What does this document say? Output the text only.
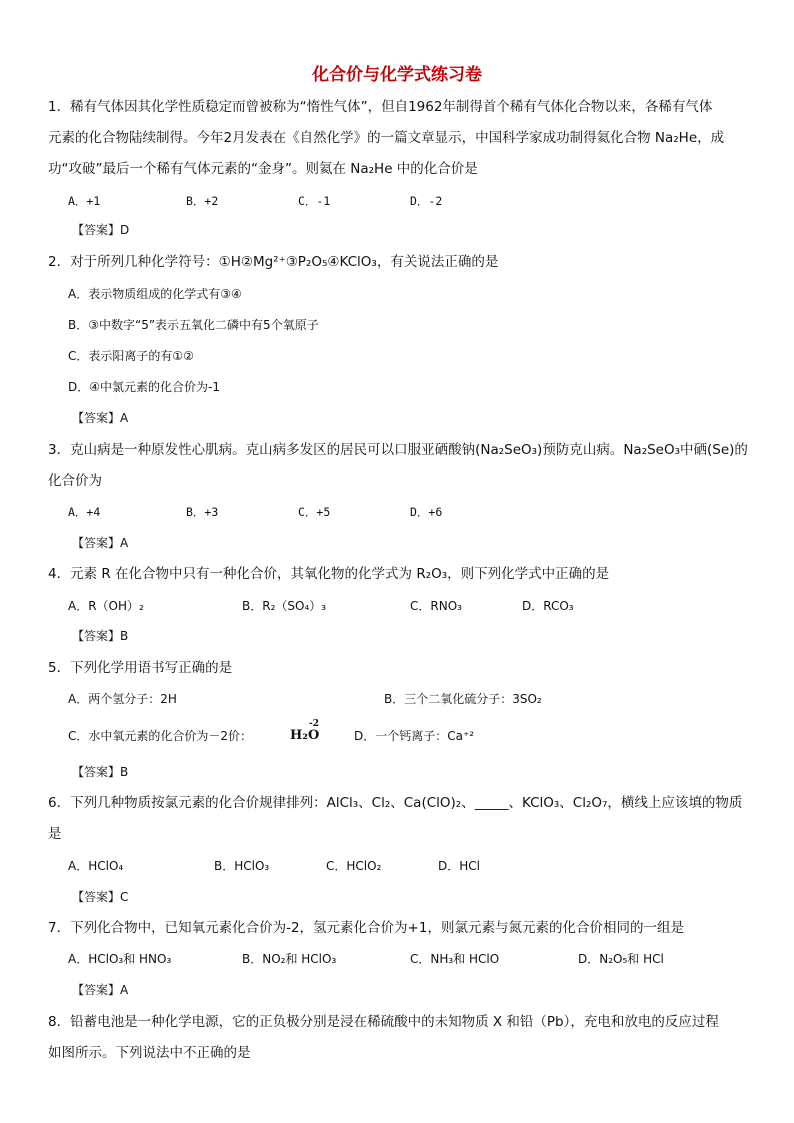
化合价与化学式练习卷
1．稀有气体因其化学性质稳定而曾被称为“惰性气体”，但自1962年制得首个稀有气体化合物以来，各稀有气体
元素的化合物陆续制得。今年2月发表在《自然化学》的一篇文章显示，中国科学家成功制得氦化合物 Na₂He，成
功“攻破”最后一个稀有气体元素的“金身”。则氦在 Na₂He 中的化合价是
A．+1	B．+2	C．-1	D．-2
【答案】D
2．对于所列几种化学符号：①H②Mg²⁺③P₂O₅④KClO₃，有关说法正确的是
A．表示物质组成的化学式有③④
B．③中数字“5”表示五氧化二磷中有5个氧原子
C．表示阳离子的有①②
D．④中氯元素的化合价为-1
【答案】A
3．克山病是一种原发性心肌病。克山病多发区的居民可以口服亚硒酸钠(Na₂SeO₃)预防克山病。Na₂SeO₃中硒(Se)的
化合价为
A．+4	B．+3	C．+5	D．+6
【答案】A
4．元素 R 在化合物中只有一种化合价，其氧化物的化学式为 R₂O₃，则下列化学式中正确的是
A．R（OH）₂	B．R₂（SO₄）₃	C．RNO₃	D．RCO₃
【答案】B
5．下列化学用语书写正确的是
A．两个氢分子：2H	B．三个二氧化硫分子：3SO₂
C．水中氧元素的化合价为－2价：	H₂
-2
O	D．一个钙离子：Ca⁺²
【答案】B
6．下列几种物质按氯元素的化合价规律排列：AlCl₃、Cl₂、Ca(ClO)₂、_____、KClO₃、Cl₂O₇，横线上应该填的物质
是
A．HClO₄	B．HClO₃	C．HClO₂	D．HCl
【答案】C
7．下列化合物中，已知氧元素化合价为-2，氢元素化合价为+1，则氯元素与氮元素的化合价相同的一组是
A．HClO₃和 HNO₃	B．NO₂和 HClO₃	C．NH₃和 HClO	D．N₂O₅和 HCl
【答案】A
8．铅蓄电池是一种化学电源，它的正负极分别是浸在稀硫酸中的未知物质 X 和铅（Pb），充电和放电的反应过程
如图所示。下列说法中不正确的是
